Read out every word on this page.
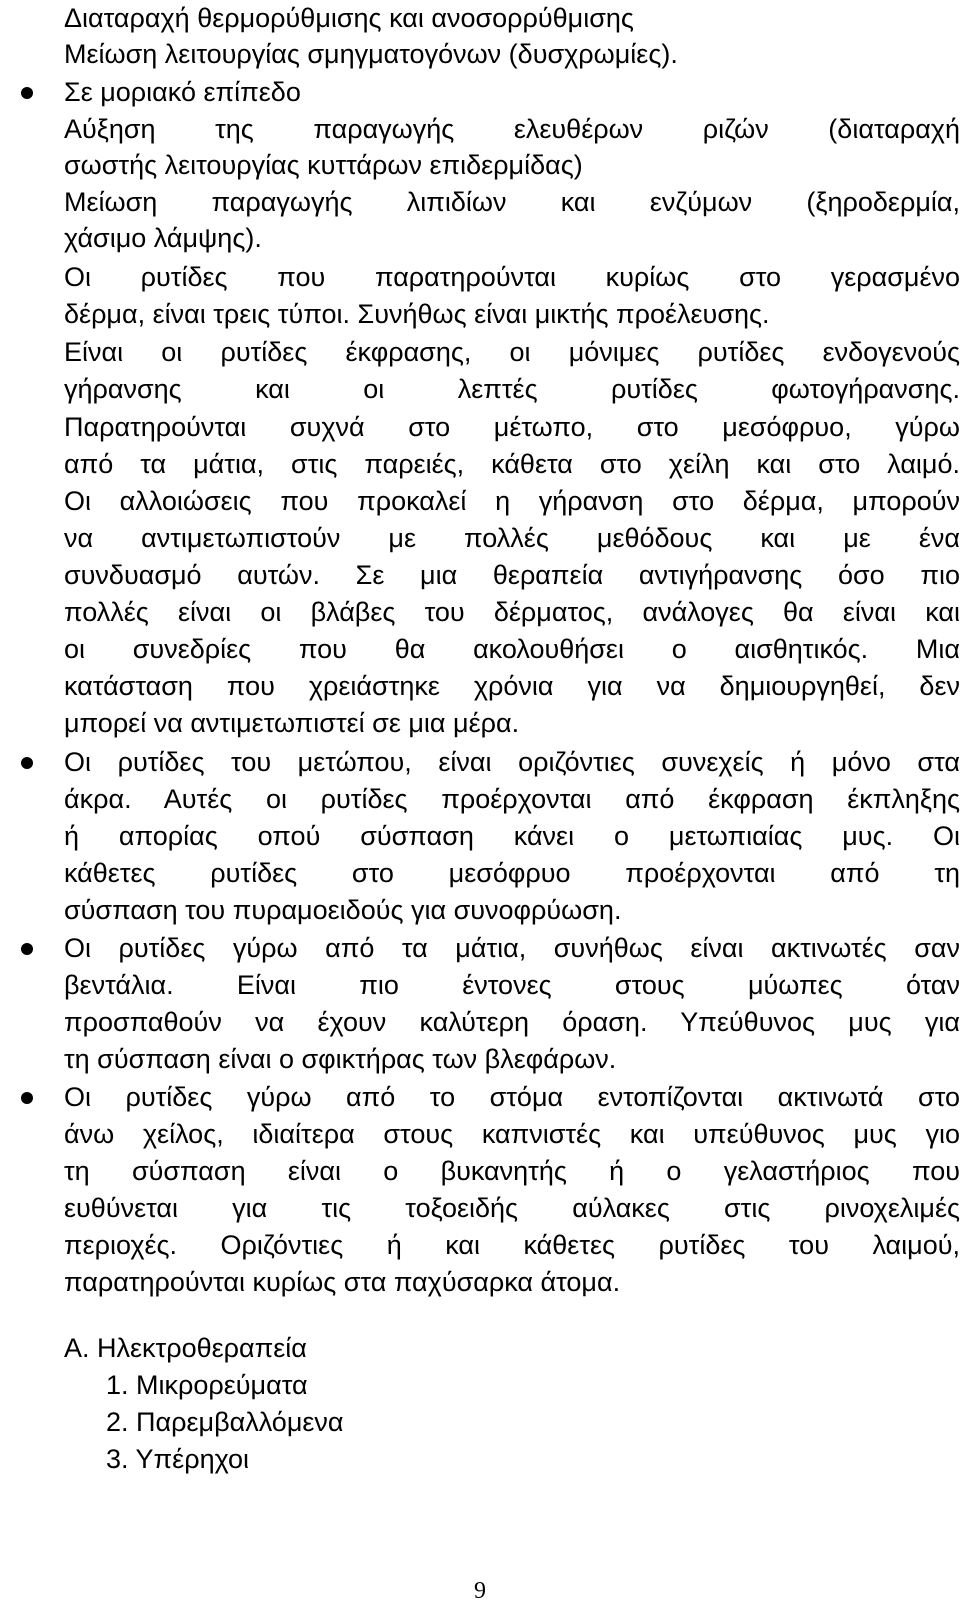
Διαταραχή θερμορύθμισης και ανοσορρύθμισης
Μείωση λειτουργίας σμηγματογόνων (δυσχρωμίες).
Σε μοριακό επίπεδο
Αύξηση της παραγωγής ελευθέρων ριζών (διαταραχή
σωστής λειτουργίας κυττάρων επιδερμίδας)
Μείωση παραγωγής λιπιδίων και ενζύμων (ξηροδερμία,
χάσιμο λάμψης).
Οι ρυτίδες που παρατηρούνται κυρίως στο γερασμένο
δέρμα, είναι τρεις τύποι. Συνήθως είναι μικτής προέλευσης.
Είναι οι ρυτίδες έκφρασης, οι μόνιμες ρυτίδες ενδογενούς
γήρανσης και οι λεπτές ρυτίδες φωτογήρανσης.
Παρατηρούνται συχνά στο μέτωπο, στο μεσόφρυο, γύρω
από τα μάτια, στις παρειές, κάθετα στο χείλη και στο λαιμό.
Οι αλλοιώσεις που προκαλεί η γήρανση στο δέρμα, μπορούν
να αντιμετωπιστούν με πολλές μεθόδους και με ένα
συνδυασμό αυτών. Σε μια θεραπεία αντιγήρανσης όσο πιο
πολλές είναι οι βλάβες του δέρματος, ανάλογες θα είναι και
οι συνεδρίες που θα ακολουθήσει ο αισθητικός. Μια
κατάσταση που χρειάστηκε χρόνια για να δημιουργηθεί, δεν
μπορεί να αντιμετωπιστεί σε μια μέρα.
Οι ρυτίδες του μετώπου, είναι οριζόντιες συνεχείς ή μόνο στα
άκρα. Αυτές οι ρυτίδες προέρχονται από έκφραση έκπληξης
ή απορίας οπού σύσπαση κάνει ο μετωπιαίας μυς. Οι
κάθετες ρυτίδες στο μεσόφρυο προέρχονται από τη
σύσπαση του πυραμοειδούς για συνοφρύωση.
Οι ρυτίδες γύρω από τα μάτια, συνήθως είναι ακτινωτές σαν
βεντάλια. Είναι πιο έντονες στους μύωπες όταν
προσπαθούν να έχουν καλύτερη όραση. Υπεύθυνος μυς για
τη σύσπαση είναι ο σφικτήρας των βλεφάρων.
Οι ρυτίδες γύρω από το στόμα εντοπίζονται ακτινωτά στο
άνω χείλος, ιδιαίτερα στους καπνιστές και υπεύθυνος μυς γιο
τη σύσπαση είναι ο βυκανητής ή ο γελαστήριος που
ευθύνεται για τις τοξοειδής αύλακες στις ρινοχελιμές
περιοχές. Οριζόντιες ή και κάθετες ρυτίδες του λαιμού,
παρατηρούνται κυρίως στα παχύσαρκα άτομα.
Α. Ηλεκτροθεραπεία
1. Μικρορεύματα
2. Παρεμβαλλόμενα
3. Υπέρηχοι
9
